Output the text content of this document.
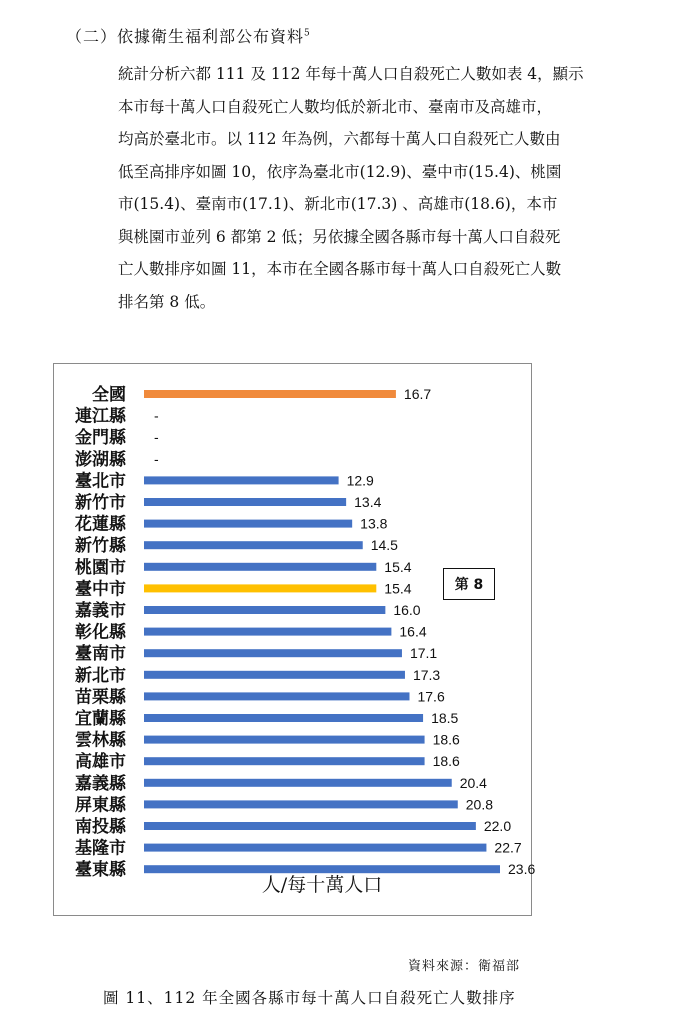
（二）依據衛生福利部公布資料$^5$
統計分析六都 111 及 112 年每十萬人口自殺死亡人數如表 4，顯示
本市每十萬人口自殺死亡人數均低於新北市、臺南市及高雄市，
均高於臺北市。以 112 年為例，六都每十萬人口自殺死亡人數由
低至高排序如圖 10，依序為臺北市(12.9)、臺中市(15.4)、桃園
市(15.4)、臺南市(17.1)、新北市(17.3) 、高雄市(18.6)，本市
與桃園市並列 6 都第 2 低；另依據全國各縣市每十萬人口自殺死
亡人數排序如圖 11，本市在全國各縣市每十萬人口自殺死亡人數
排名第 8 低。
全國	16.7
連江縣 -
金門縣 -
澎湖縣 -
臺北市	12.9
新竹市	13.4
花蓮縣	13.8
新竹縣	14.5
桃園市	15.4
臺中市	15.4
嘉義市	16.0
彰化縣	16.4
臺南市	17.1
新北市	17.3
苗栗縣	17.6
宜蘭縣	18.5
雲林縣	18.6
高雄市	18.6
嘉義縣	20.4
屏東縣	20.8
南投縣	22.0
基隆市	22.7
臺東縣	23.6
人/每十萬人口
第 8
資料來源：衛福部
圖 11、112 年全國各縣市每十萬人口自殺死亡人數排序
